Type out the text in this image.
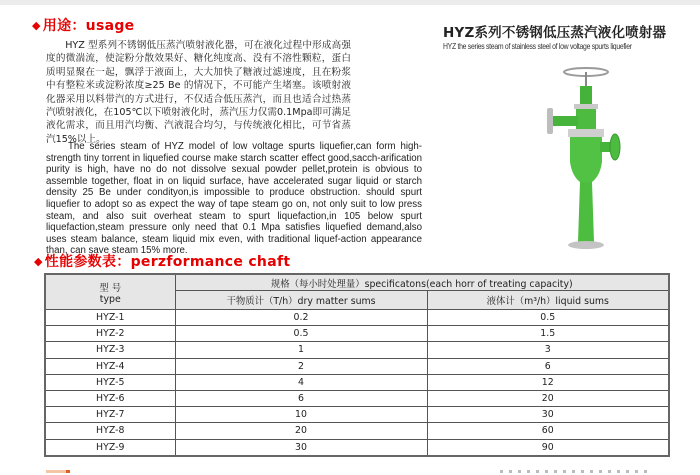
◆ 用途：usage
HYZ 型系列不锈钢低压蒸汽喷射液化器，可在液化过程中形成高强度的微湍流，使淀粉分散效果好、糖化纯度高、没有不溶性颗粒，蛋白质明显聚在一起，飘浮于液面上，大大加快了糖液过滤速度，且在粉浆中有整粒米或淀粉浓度≥25 Be 的情况下，不可能产生堵塞。该喷射液化器采用以料带汽的方式进行，不仅适合低压蒸汽，而且也适合过热蒸汽喷射液化，在105℃以下喷射液化时，蒸汽压力仅需0.1Mpa即可满足液化需求，而且用汽均衡、汽液混合均匀，与传统液化相比，可节省蒸汽15%以上。
The series steam of HYZ model of low voltage spurts liquefier,can form high-strength tiny torrent in liquefied course make starch scatter effect good,sacch-arification purity is high, have no do not dissolve sexual powder pellet,protein is obvious to assemble together, float in on liquid surface, have accelerated sugar liquid or starch density 25 Be under condityon,is impossible to produce obstruction. should spurt liquefier to adopt so as expect the way of tape steam go on, not only suit to low press steam, and also suit overheat steam to spurt liquefaction,in 105 below spurt liquefaction,steam pressure only need that 0.1 Mpa satisfies liquefied demand,also uses steam balance, steam liquid mix even, with traditional liquef-action appearance than, can save steam 15% more.
HYZ系列不锈钢低压蒸汽液化喷射器
HYZ the series steam of stainless steel of low voltage spurts liquefier
◆ 性能参数表：perzformance chaft
型 号
type	规格（每小时处理量）specificatons(each horr of treating capacity)	
	干物质计（T/h）dry matter sums	液体计（m³/h）liquid sums
HYZ-1	0.2	0.5
HYZ-2	0.5	1.5
HYZ-3	1	3
HYZ-4	2	6
HYZ-5	4	12
HYZ-6	6	20
HYZ-7	10	30
HYZ-8	20	60
HYZ-9	30	90
